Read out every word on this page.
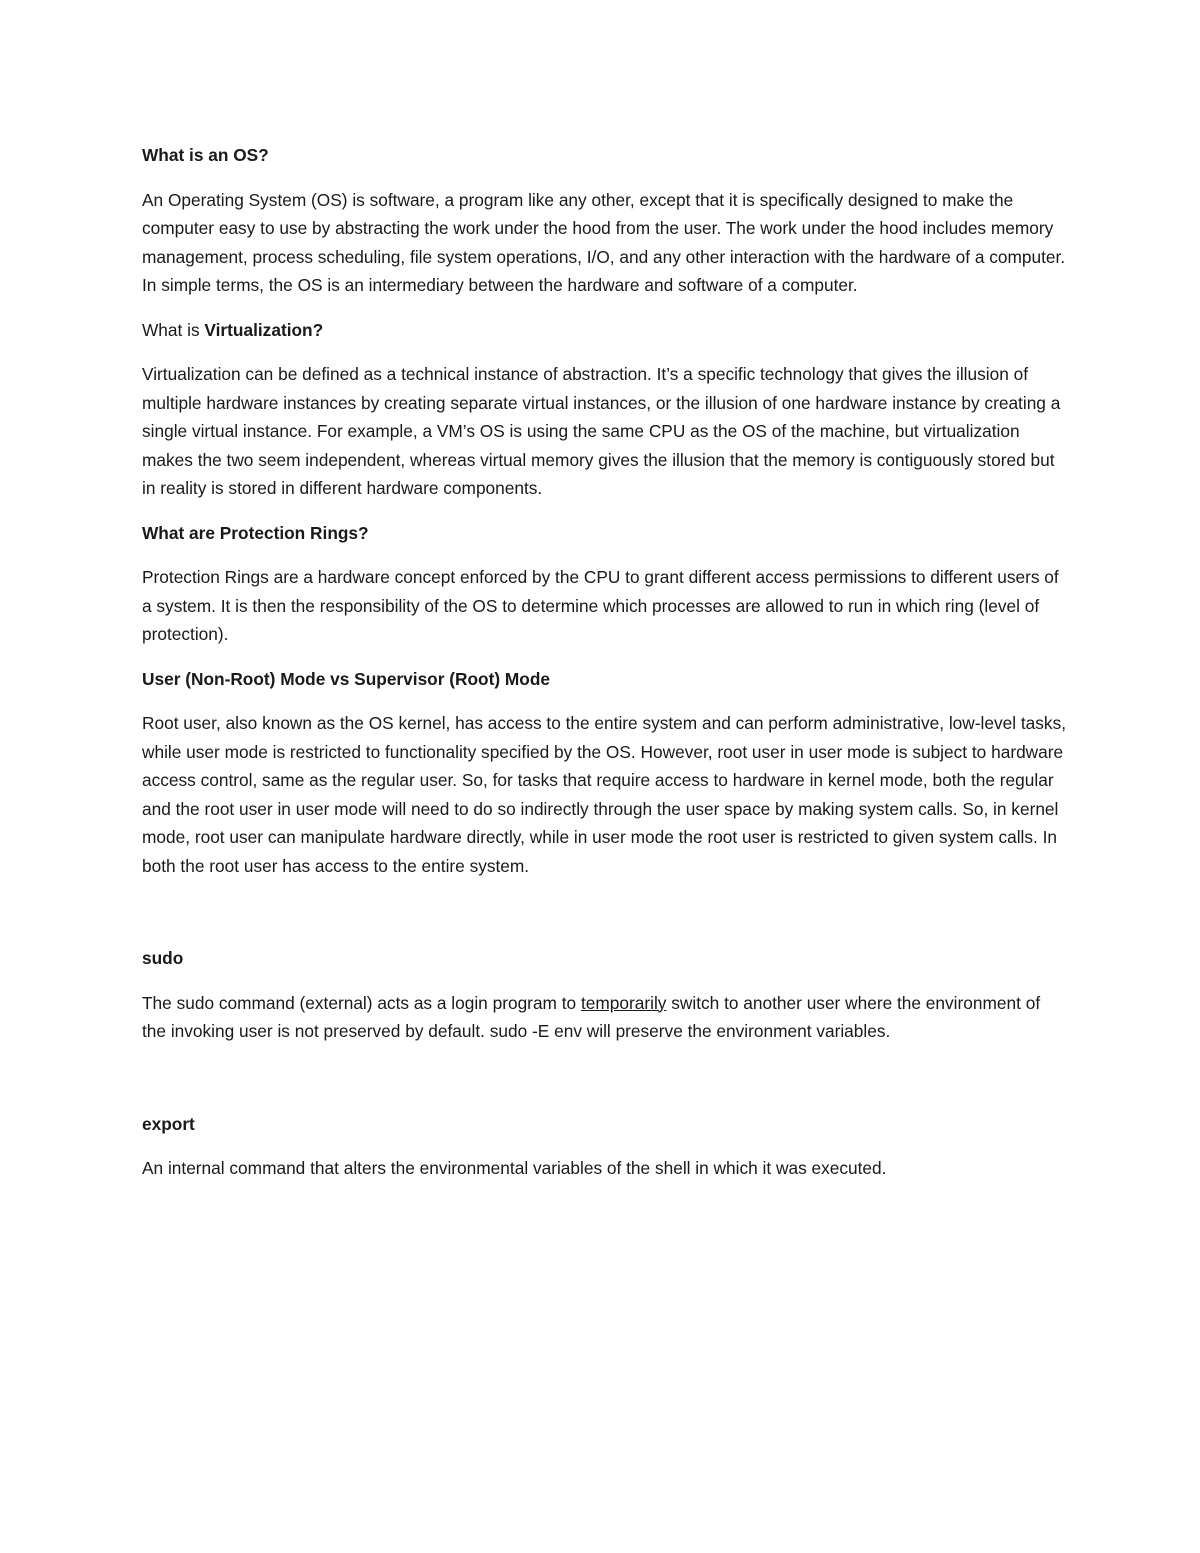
What is an OS?

An Operating System (OS) is software, a program like any other, except that it is specifically designed to make the computer easy to use by abstracting the work under the hood from the user. The work under the hood includes memory management, process scheduling, file system operations, I/O, and any other interaction with the hardware of a computer. In simple terms, the OS is an intermediary between the hardware and software of a computer.

What is Virtualization?

Virtualization can be defined as a technical instance of abstraction. It’s a specific technology that gives the illusion of multiple hardware instances by creating separate virtual instances, or the illusion of one hardware instance by creating a single virtual instance. For example, a VM’s OS is using the same CPU as the OS of the machine, but virtualization makes the two seem independent, whereas virtual memory gives the illusion that the memory is contiguously stored but in reality is stored in different hardware components.

What are Protection Rings?

Protection Rings are a hardware concept enforced by the CPU to grant different access permissions to different users of a system. It is then the responsibility of the OS to determine which processes are allowed to run in which ring (level of protection).

User (Non-Root) Mode vs Supervisor (Root) Mode

Root user, also known as the OS kernel, has access to the entire system and can perform administrative, low-level tasks, while user mode is restricted to functionality specified by the OS. However, root user in user mode is subject to hardware access control, same as the regular user. So, for tasks that require access to hardware in kernel mode, both the regular and the root user in user mode will need to do so indirectly through the user space by making system calls. So, in kernel mode, root user can manipulate hardware directly, while in user mode the root user is restricted to given system calls. In both the root user has access to the entire system.

sudo

The sudo command (external) acts as a login program to temporarily switch to another user where the environment of the invoking user is not preserved by default. sudo -E env will preserve the environment variables.

export

An internal command that alters the environmental variables of the shell in which it was executed.
